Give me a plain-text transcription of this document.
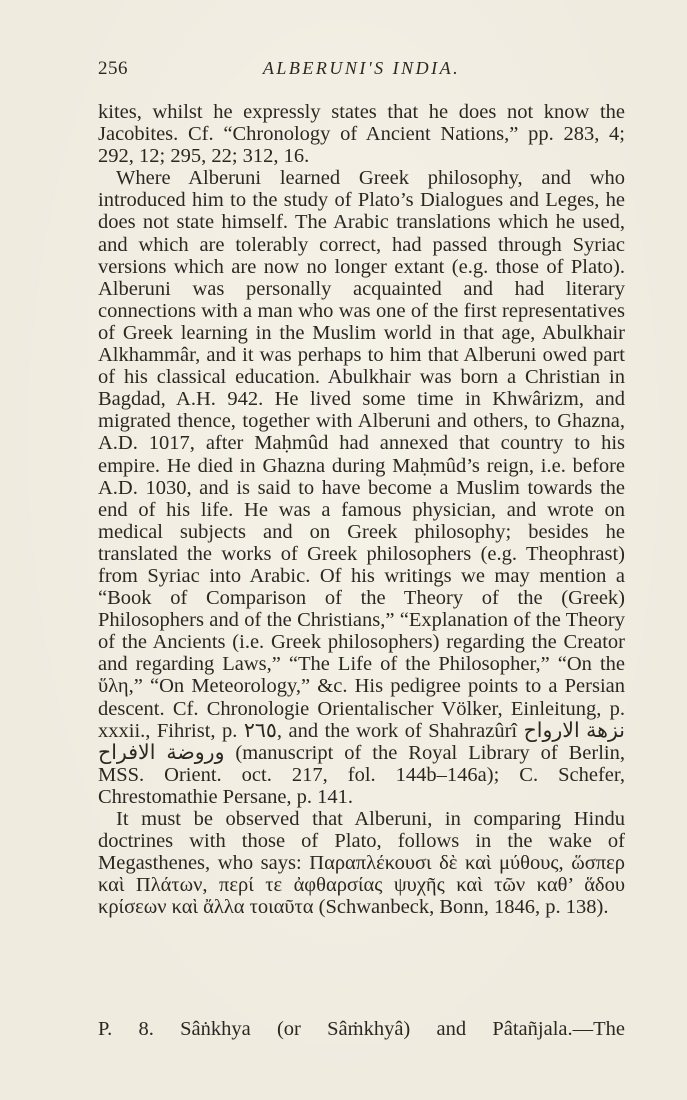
256	ALBERUNI'S INDIA.

kites, whilst he expressly states that he does not know the Jacobites. Cf. “Chronology of Ancient Nations,” pp. 283, 4; 292, 12; 295, 22; 312, 16.

Where Alberuni learned Greek philosophy, and who introduced him to the study of Plato’s Dialogues and Leges, he does not state himself. The Arabic translations which he used, and which are tolerably correct, had passed through Syriac versions which are now no longer extant (e.g. those of Plato). Alberuni was personally acquainted and had literary connections with a man who was one of the first representatives of Greek learning in the Muslim world in that age, Abulkhair Alkhammâr, and it was perhaps to him that Alberuni owed part of his classical education. Abulkhair was born a Christian in Bagdad, A.H. 942. He lived some time in Khwârizm, and migrated thence, together with Alberuni and others, to Ghazna, A.D. 1017, after Maḥmûd had annexed that country to his empire. He died in Ghazna during Maḥmûd’s reign, i.e. before A.D. 1030, and is said to have become a Muslim towards the end of his life. He was a famous physician, and wrote on medical subjects and on Greek philosophy; besides he translated the works of Greek philosophers (e.g. Theophrast) from Syriac into Arabic. Of his writings we may mention a “Book of Comparison of the Theory of the (Greek) Philosophers and of the Christians,” “Explanation of the Theory of the Ancients (i.e. Greek philosophers) regarding the Creator and regarding Laws,” “The Life of the Philosopher,” “On the ὕλη,” “On Meteorology,” &c. His pedigree points to a Persian descent. Cf. Chronologie Orientalischer Völker, Einleitung, p. xxxii., Fihrist, p. ٢٦٥, and the work of Shahrazûrî نزهة الارواح وروضة الافراح (manuscript of the Royal Library of Berlin, MSS. Orient. oct. 217, fol. 144b–146a); C. Schefer, Chrestomathie Persane, p. 141.

It must be observed that Alberuni, in comparing Hindu doctrines with those of Plato, follows in the wake of Megasthenes, who says: Παραπλέκουσι δὲ καὶ μύθους, ὥσπερ καὶ Πλάτων, περί τε ἀφθαρσίας ψυχῆς καὶ τῶν καθ’ ἅδου κρίσεων καὶ ἄλλα τοιαῦτα (Schwanbeck, Bonn, 1846, p. 138).

P. 8. Sâṅkhya (or Sâṁkhyâ) and Pâtañjala.—The
